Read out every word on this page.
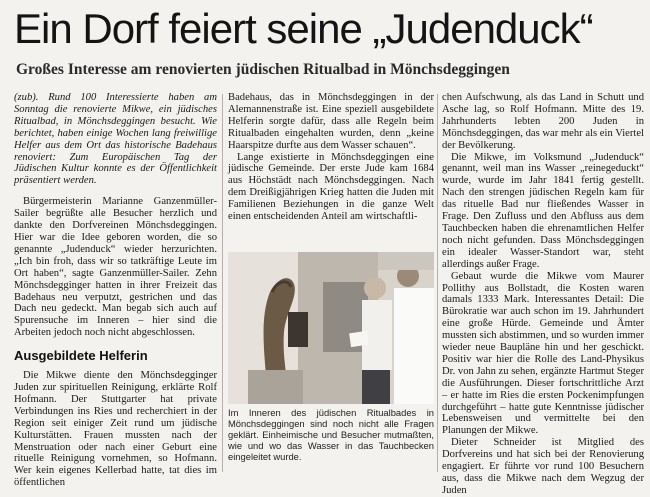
Ein Dorf feiert seine „Judenduck“
Großes Interesse am renovierten jüdischen Ritualbad in Mönchsdeggingen

(zub). Rund 100 Interessierte haben am Sonntag die renovierte Mikwe, ein jüdisches Ritualbad, in Mönchsdeggingen besucht. Wie berichtet, haben einige Wochen lang freiwillige Helfer aus dem Ort das historische Badehaus renoviert: Zum Europäischen Tag der Jüdischen Kultur konnte es der Öffentlichkeit präsentiert werden.

Bürgermeisterin Marianne Ganzenmüller-Sailer begrüßte alle Besucher herzlich und dankte den Dorfvereinen Mönchsdeggingen. Hier war die Idee geboren worden, die so genannte „Judenduck“ wieder herzurichten. „Ich bin froh, dass wir so tatkräftige Leute im Ort haben“, sagte Ganzenmüller-Sailer. Zehn Mönchsdegginger hatten in ihrer Freizeit das Badehaus neu verputzt, gestrichen und das Dach neu gedeckt. Man begab sich auch auf Spurensuche im Inneren – hier sind die Arbeiten jedoch noch nicht abgeschlossen.

Ausgebildete Helferin

Die Mikwe diente den Mönchsdegginger Juden zur spirituellen Reinigung, erklärte Rolf Hofmann. Der Stuttgarter hat private Verbindungen ins Ries und recherchiert in der Region seit einiger Zeit rund um jüdische Kulturstätten. Frauen mussten nach der Menstruation oder nach einer Geburt eine rituelle Reinigung vornehmen, so Hofmann. Wer kein eigenes Kellerbad hatte, tat dies im öffentlichen

Badehaus, das in Mönchsdeggingen in der Alemannenstraße ist. Eine speziell ausgebildete Helferin sorgte dafür, dass alle Regeln beim Ritualbaden eingehalten wurden, denn „keine Haarspitze durfte aus dem Wasser schauen“.

Lange existierte in Mönchsdeggingen eine jüdische Gemeinde. Der erste Jude kam 1684 aus Höchstädt nach Mönchsdeggingen. Nach dem Dreißigjährigen Krieg hatten die Juden mit Familienen Beziehungen in die ganze Welt einen entscheidenden Anteil am wirtschaftli-

Im Inneren des jüdischen Ritualbades in Mönchsdeggingen sind noch nicht alle Fragen geklärt. Einheimische und Besucher mutmaßten, wie und wo das Wasser in das Tauchbecken eingeleitet wurde.

chen Aufschwung, als das Land in Schutt und Asche lag, so Rolf Hofmann. Mitte des 19. Jahrhunderts lebten 200 Juden in Mönchsdeggingen, das war mehr als ein Viertel der Bevölkerung.

Die Mikwe, im Volksmund „Judenduck“ genannt, weil man ins Wasser „reinegeduckt“ wurde, wurde im Jahr 1841 fertig gestellt. Nach den strengen jüdischen Regeln kam für das rituelle Bad nur fließendes Wasser in Frage. Den Zufluss und den Abfluss aus dem Tauchbecken haben die ehrenamtlichen Helfer noch nicht gefunden. Dass Mönchsdeggingen ein idealer Wasser-Standort war, steht allerdings außer Frage.

Gebaut wurde die Mikwe vom Maurer Pollithy aus Bollstadt, die Kosten waren damals 1333 Mark. Interessantes Detail: Die Bürokratie war auch schon im 19. Jahrhundert eine große Hürde. Gemeinde und Ämter mussten sich abstimmen, und so wurden immer wieder neue Baupläne hin und her geschickt. Positiv war hier die Rolle des Land-Physikus Dr. von Jahn zu sehen, ergänzte Hartmut Steger die Ausführungen. Dieser fortschrittliche Arzt – er hatte im Ries die ersten Pockenimpfungen durchgeführt – hatte gute Kenntnisse jüdischer Lebensweisen und vermittelte bei den Planungen der Mikwe.

Dieter Schneider ist Mitglied des Dorfvereins und hat sich bei der Renovierung engagiert. Er führte vor rund 100 Besuchern aus, dass die Mikwe nach dem Wegzug der Juden
